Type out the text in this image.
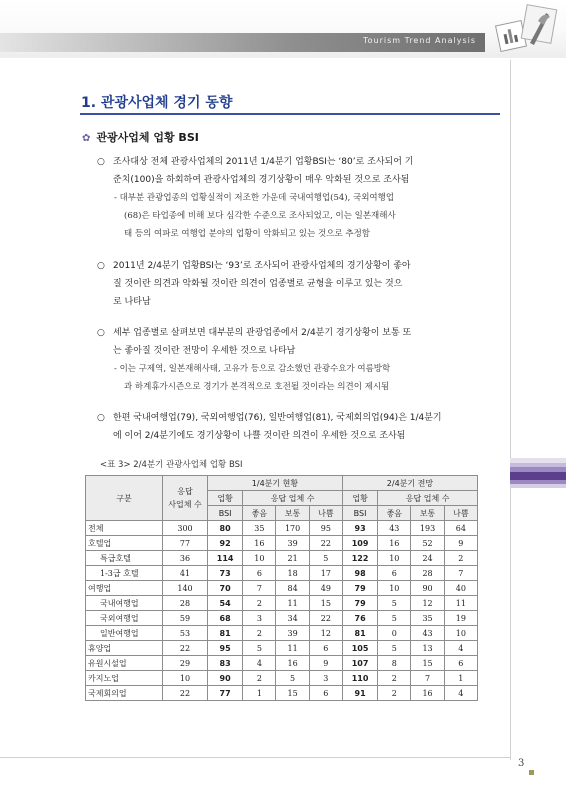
Tourism Trend Analysis
3
1. 관광사업체 경기 동향
✿ 관광사업체 업황 BSI
○ 조사대상 전체 관광사업체의 2011년 1/4분기 업황BSI는 ‘80’로 조사되어 기
준치(100)을 하회하여 관광사업체의 경기상황이 매우 악화된 것으로 조사됨
- 대부분 관광업종의 업황실적이 저조한 가운데 국내여행업(54), 국외여행업
(68)은 타업종에 비해 보다 심각한 수준으로 조사되었고, 이는 일본재해사
태 등의 여파로 여행업 분야의 업황이 악화되고 있는 것으로 추정함
○ 2011년 2/4분기 업황BSI는 ‘93’로 조사되어 관광사업체의 경기상황이 좋아
질 것이란 의견과 악화될 것이란 의견이 업종별로 균형을 이루고 있는 것으
로 나타남
○ 세부 업종별로 살펴보면 대부분의 관광업종에서 2/4분기 경기상황이 보통 또
는 좋아질 것이란 전망이 우세한 것으로 나타남
- 이는 구제역, 일본재해사태, 고유가 등으로 감소했던 관광수요가 여름방학
과 하계휴가시즌으로 경기가 본격적으로 호전될 것이라는 의견이 제시됨
○ 한편 국내여행업(79), 국외여행업(76), 일반여행업(81), 국제회의업(94)은 1/4분기
에 이어 2/4분기에도 경기상황이 나쁠 것이란 의견이 우세한 것으로 조사됨
<표 3> 2/4분기 관광사업체 업황 BSI
구분	응답
사업체 수	1/4분기 현황				2/4분기 전망			
		업황	응답 업체 수			업황	응답 업체 수		
		BSI	좋음	보통	나쁨	BSI	좋음	보통	나쁨
전체	300	80	35	170	95	93	43	193	64
호텔업	77	92	16	39	22	109	16	52	9
특급호텔	36	114	10	21	5	122	10	24	2
1-3급 호텔	41	73	6	18	17	98	6	28	7
여행업	140	70	7	84	49	79	10	90	40
국내여행업	28	54	2	11	15	79	5	12	11
국외여행업	59	68	3	34	22	76	5	35	19
일반여행업	53	81	2	39	12	81	0	43	10
휴양업	22	95	5	11	6	105	5	13	4
유원시설업	29	83	4	16	9	107	8	15	6
카지노업	10	90	2	5	3	110	2	7	1
국제회의업	22	77	1	15	6	91	2	16	4
